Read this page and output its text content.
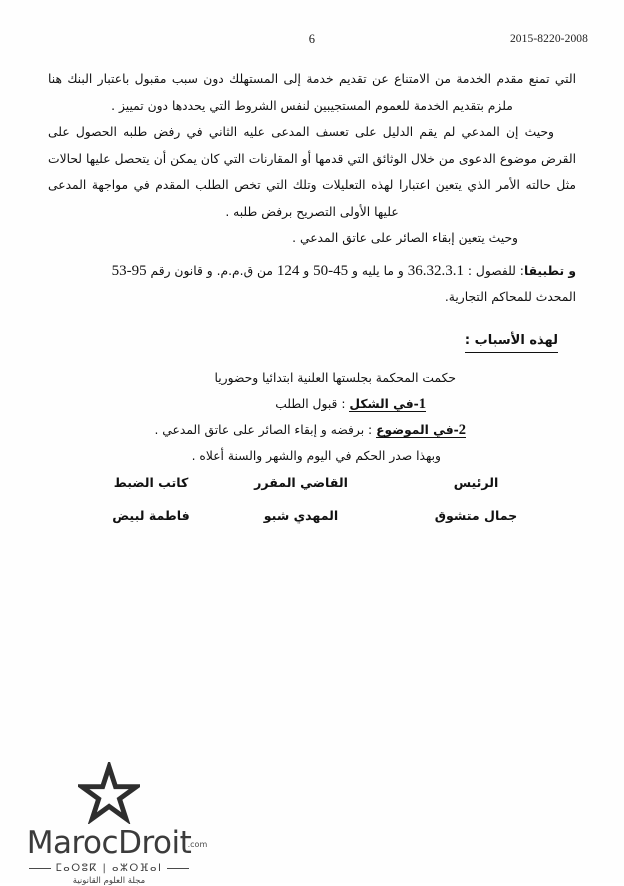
6	2015-8220-2008

التي تمنع مقدم الخدمة من الامتناع عن تقديم خدمة إلى المستهلك دون سبب مقبول باعتبار البنك هنا ملزم بتقديم الخدمة للعموم المستجيبين لنفس الشروط التي يحددها دون تمييز .

وحيث إن المدعي لم يقم الدليل على تعسف المدعى عليه الثاني في رفض طلبه الحصول على القرض موضوع الدعوى من خلال الوثائق التي قدمها أو المقارنات التي كان يمكن أن يتحصل عليها لحالات مثل حالته الأمر الذي يتعين اعتبارا لهذه التعليلات وتلك التي تخص الطلب المقدم في مواجهة المدعى عليها الأولى التصريح برفض طلبه .

وحيث يتعين إبقاء الصائر على عاتق المدعي .

و تطبيقا: للفصول : 36.32.3.1 و ما يليه و 45-50 و 124 من ق.م.م. و قانون رقم 95-53
المحدث للمحاكم التجارية.
لهذه الأسباب :
حكمت المحكمة بجلستها العلنية ابتدائيا وحضوريا
1-في الشكل : قبول الطلب
2-في الموضوع : برفضه و إبقاء الصائر على عاتق المدعي .
وبهذا صدر الحكم في اليوم والشهر والسنة أعلاه .
الرئيس
القاضي المقرر
كاتب الضبط
جمال متشوق
المهدي شبو
فاطمة لبيض
MarocDroit
.com
ⵎⴰⵔⵓⴽ | ⴰⵣⵔⴼⴰⵏ
مجلة العلوم القانونية
